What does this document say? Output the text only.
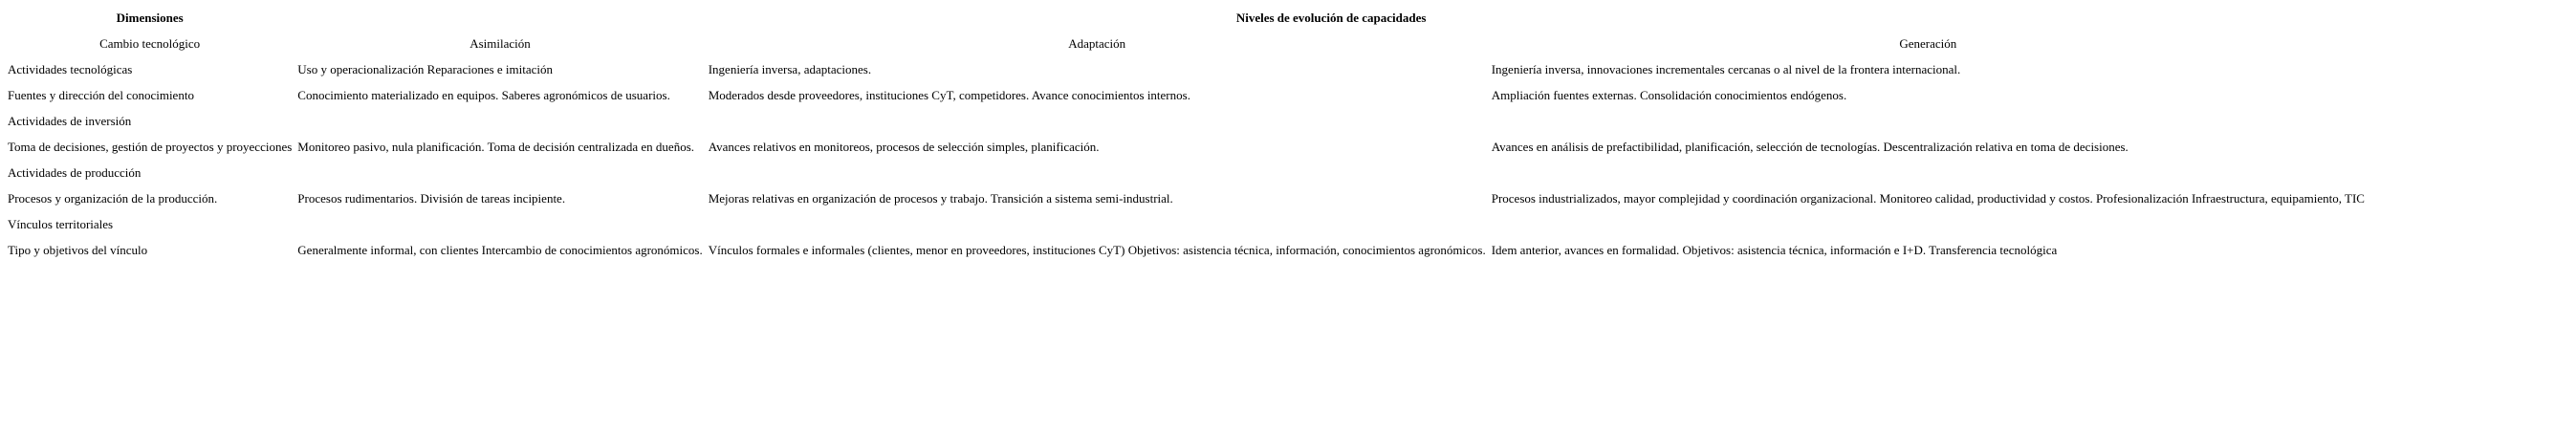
Dimensiones	Niveles de evolución de capacidades		
Cambio tecnológico	Asimilación	Adaptación	Generación
Actividades tecnológicas	Uso y operacionalización Reparaciones e imitación	Ingeniería inversa, adaptaciones.	Ingeniería inversa, innovaciones incrementales cercanas o al nivel de la frontera internacional.
Fuentes y dirección del conocimiento	Conocimiento materializado en equipos. Saberes agronómicos de usuarios.	Moderados desde proveedores, instituciones CyT, competidores. Avance conocimientos internos.	Ampliación fuentes externas. Consolidación conocimientos endógenos.
Actividades de inversión			
Toma de decisiones, gestión de proyectos y proyecciones	Monitoreo pasivo, nula planificación. Toma de decisión centralizada en dueños.	Avances relativos en monitoreos, procesos de selección simples, planificación.	Avances en análisis de prefactibilidad, planificación, selección de tecnologías. Descentralización relativa en toma de decisiones.
Actividades de producción			
Procesos y organización de la producción.	Procesos rudimentarios. División de tareas incipiente.	Mejoras relativas en organización de procesos y trabajo. Transición a sistema semi-industrial.	Procesos industrializados, mayor complejidad y coordinación organizacional. Monitoreo calidad, productividad y costos. Profesionalización Infraestructura, equipamiento, TIC
Vínculos territoriales			
Tipo y objetivos del vínculo	Generalmente informal, con clientes Intercambio de conocimientos agronómicos.	Vínculos formales e informales (clientes, menor en proveedores, instituciones CyT) Objetivos: asistencia técnica, información, conocimientos agronómicos.	Idem anterior, avances en formalidad. Objetivos: asistencia técnica, información e I+D. Transferencia tecnológica
